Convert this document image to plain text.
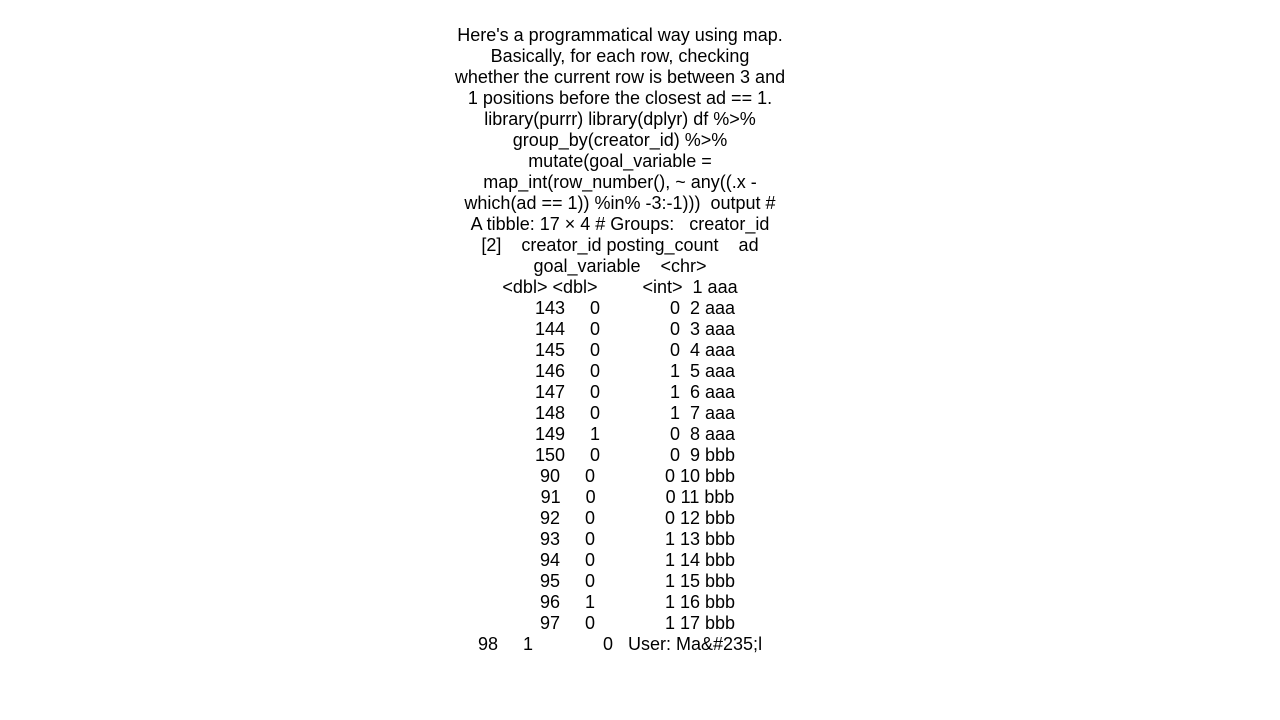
Here's a programmatical way using map.
Basically, for each row, checking
whether the current row is between 3 and
1 positions before the closest ad == 1.
library(purrr) library(dplyr) df %>%
group_by(creator_id) %>%
mutate(goal_variable =
map_int(row_number(), ~ any((.x -
which(ad == 1)) %in% -3:-1)))  output #
A tibble: 17 × 4 # Groups:   creator_id
[2]    creator_id posting_count    ad
goal_variable    <chr>
<dbl> <dbl>         <int>  1 aaa
143     0              0  2 aaa
144     0              0  3 aaa
145     0              0  4 aaa
146     0              1  5 aaa
147     0              1  6 aaa
148     0              1  7 aaa
149     1              0  8 aaa
150     0              0  9 bbb
90     0              0 10 bbb
91     0              0 11 bbb
92     0              0 12 bbb
93     0              1 13 bbb
94     0              1 14 bbb
95     0              1 15 bbb
96     1              1 16 bbb
97     0              1 17 bbb
98     1              0   User: Ma&#235;l
